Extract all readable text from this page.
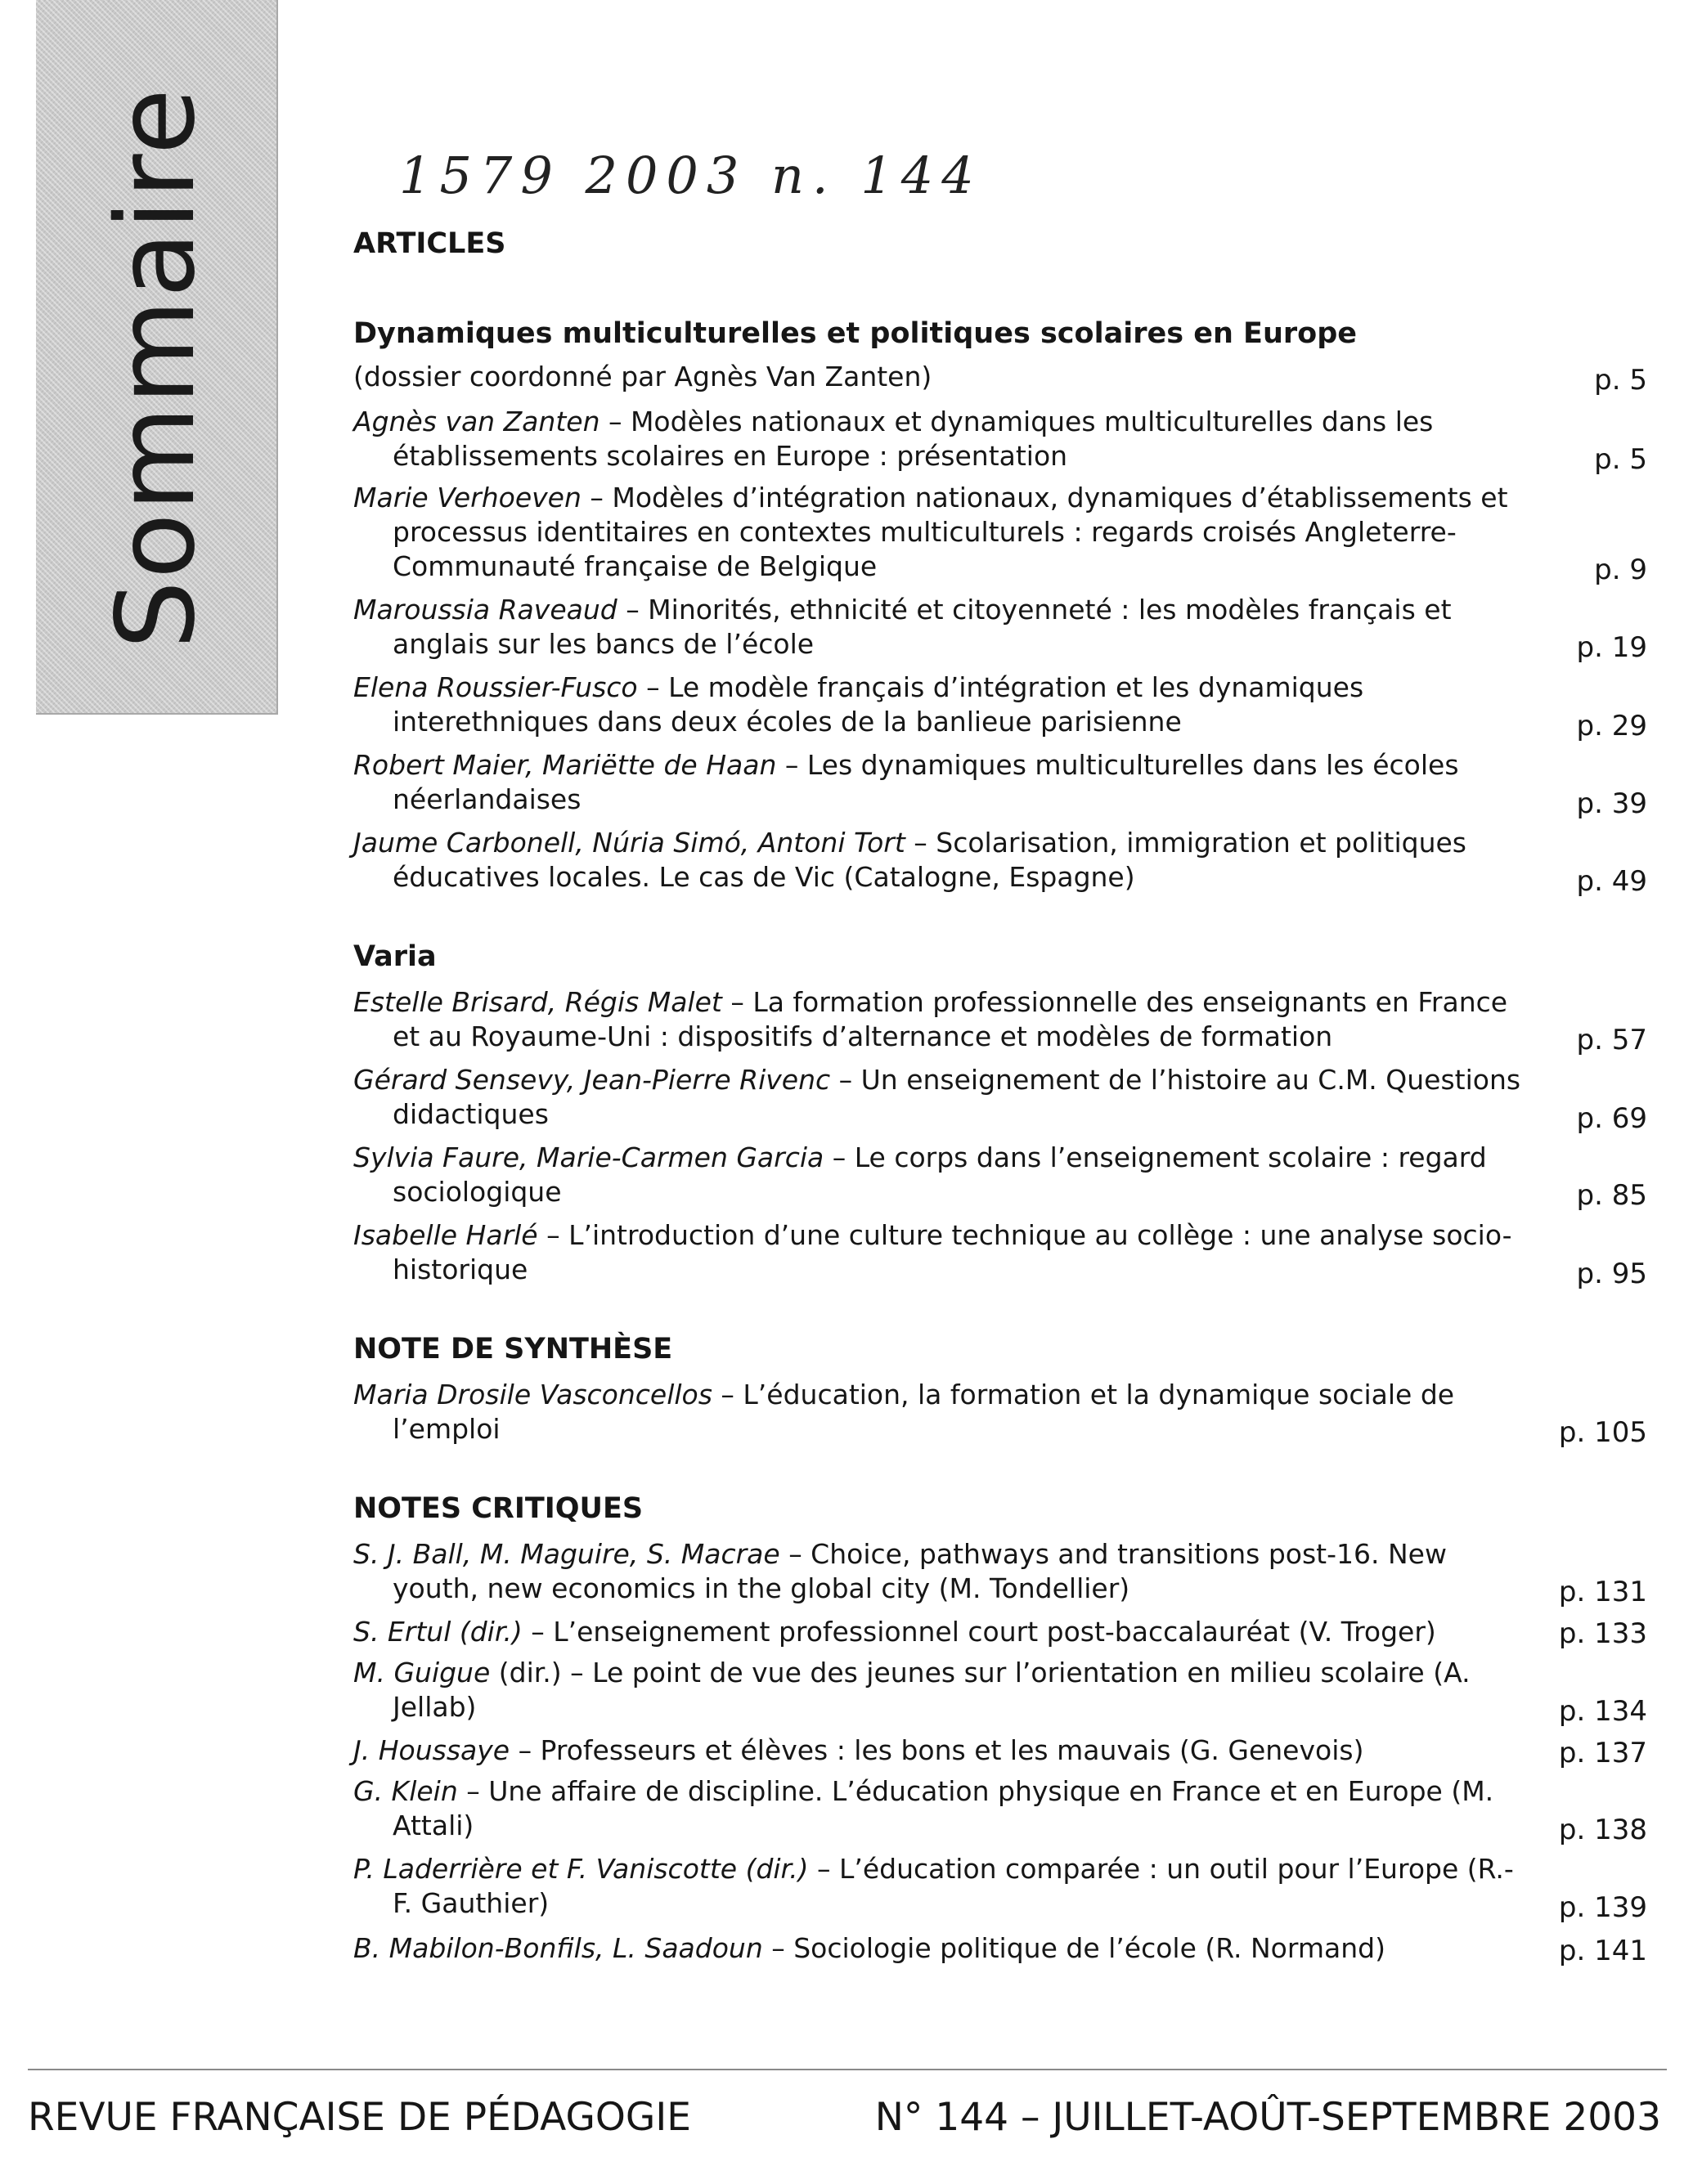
Sommaire	1579 2003 n. 144
ARTICLES
Dynamiques multiculturelles et politiques scolaires en Europe
(dossier coordonné par Agnès Van Zanten)	p. 5
Agnès van Zanten – Modèles nationaux et dynamiques multiculturelles dans les établissements scolaires en Europe : présentation	p. 5
Marie Verhoeven – Modèles d’intégration nationaux, dynamiques d’établissements et processus identitaires en contextes multiculturels : regards croisés Angleterre-Communauté française de Belgique	p. 9
Maroussia Raveaud – Minorités, ethnicité et citoyenneté : les modèles français et anglais sur les bancs de l’école	p. 19
Elena Roussier-Fusco – Le modèle français d’intégration et les dynamiques interethniques dans deux écoles de la banlieue parisienne	p. 29
Robert Maier, Mariëtte de Haan – Les dynamiques multiculturelles dans les écoles néerlandaises	p. 39
Jaume Carbonell, Núria Simó, Antoni Tort – Scolarisation, immigration et politiques éducatives locales. Le cas de Vic (Catalogne, Espagne)	p. 49
Varia
Estelle Brisard, Régis Malet – La formation professionnelle des enseignants en France et au Royaume-Uni : dispositifs d’alternance et modèles de formation	p. 57
Gérard Sensevy, Jean-Pierre Rivenc – Un enseignement de l’histoire au C.M. Questions didactiques	p. 69
Sylvia Faure, Marie-Carmen Garcia – Le corps dans l’enseignement scolaire : regard sociologique	p. 85
Isabelle Harlé – L’introduction d’une culture technique au collège : une analyse socio-historique	p. 95
NOTE DE SYNTHÈSE
Maria Drosile Vasconcellos – L’éducation, la formation et la dynamique sociale de l’emploi	p. 105
NOTES CRITIQUES
S. J. Ball, M. Maguire, S. Macrae – Choice, pathways and transitions post-16. New youth, new economics in the global city (M. Tondellier)	p. 131
S. Ertul (dir.) – L’enseignement professionnel court post-baccalauréat (V. Troger)	p. 133
M. Guigue (dir.) – Le point de vue des jeunes sur l’orientation en milieu scolaire (A. Jellab)	p. 134
J. Houssaye – Professeurs et élèves : les bons et les mauvais (G. Genevois)	p. 137
G. Klein – Une affaire de discipline. L’éducation physique en France et en Europe (M. Attali)	p. 138
P. Laderrière et F. Vaniscotte (dir.) – L’éducation comparée : un outil pour l’Europe (R.-F. Gauthier)	p. 139
B. Mabilon-Bonfils, L. Saadoun – Sociologie politique de l’école (R. Normand)	p. 141
REVUE FRANÇAISE DE PÉDAGOGIE	N° 144 – JUILLET-AOÛT-SEPTEMBRE 2003
